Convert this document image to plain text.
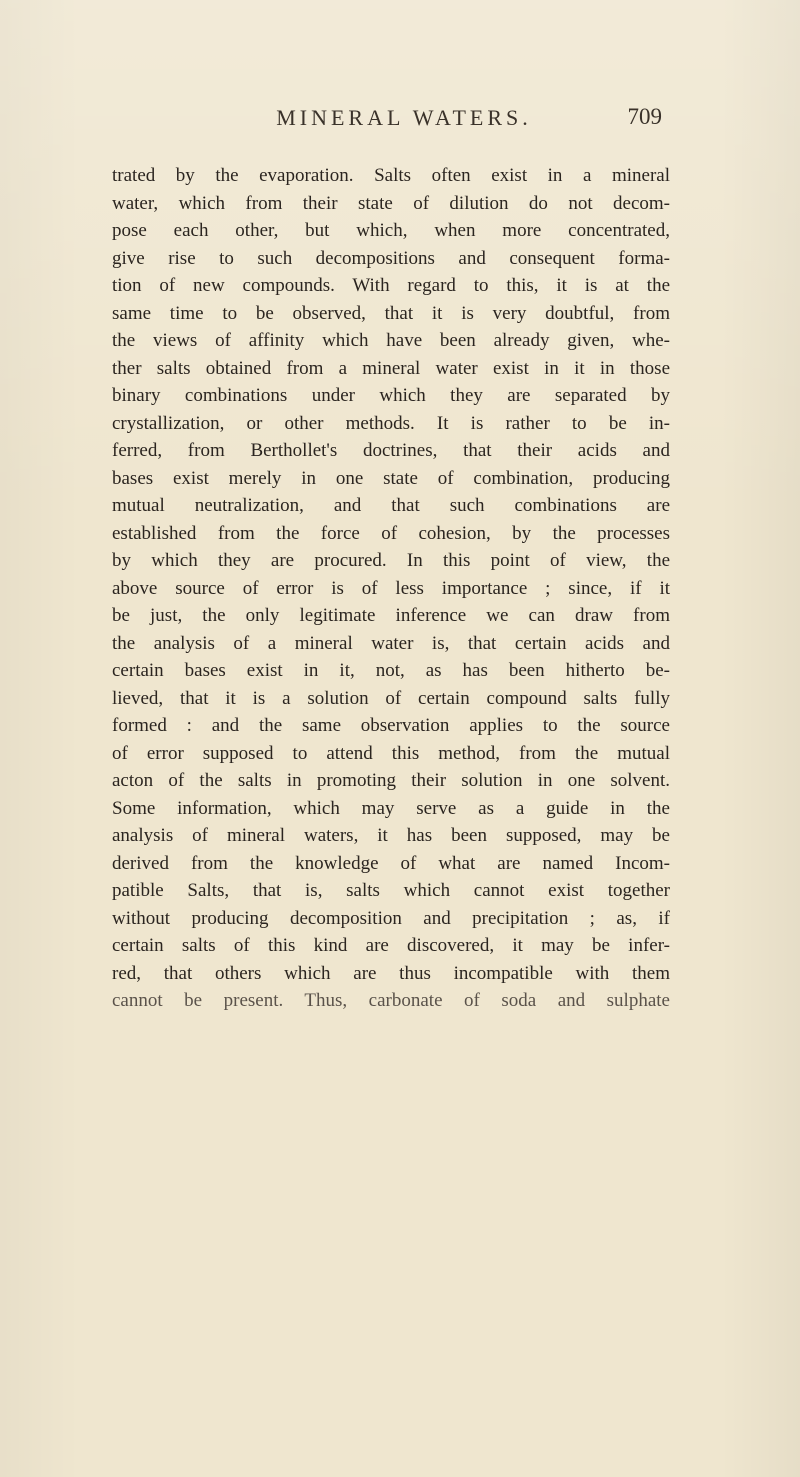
MINERAL WATERS.	709
trated by the evaporation. Salts often exist in a mineral
water, which from their state of dilution do not decom-
pose each other, but which, when more concentrated,
give rise to such decompositions and consequent forma-
tion of new compounds. With regard to this, it is at the
same time to be observed, that it is very doubtful, from
the views of affinity which have been already given, whe-
ther salts obtained from a mineral water exist in it in those
binary combinations under which they are separated by
crystallization, or other methods. It is rather to be in-
ferred, from Berthollet's doctrines, that their acids and
bases exist merely in one state of combination, producing
mutual neutralization, and that such combinations are
established from the force of cohesion, by the processes
by which they are procured. In this point of view, the
above source of error is of less importance ; since, if it
be just, the only legitimate inference we can draw from
the analysis of a mineral water is, that certain acids and
certain bases exist in it, not, as has been hitherto be-
lieved, that it is a solution of certain compound salts fully
formed : and the same observation applies to the source
of error supposed to attend this method, from the mutual
acton of the salts in promoting their solution in one solvent.
Some information, which may serve as a guide in the
analysis of mineral waters, it has been supposed, may be
derived from the knowledge of what are named Incom-
patible Salts, that is, salts which cannot exist together
without producing decomposition and precipitation ; as, if
certain salts of this kind are discovered, it may be infer-
red, that others which are thus incompatible with them
cannot be present. Thus, carbonate of soda and sulphate
